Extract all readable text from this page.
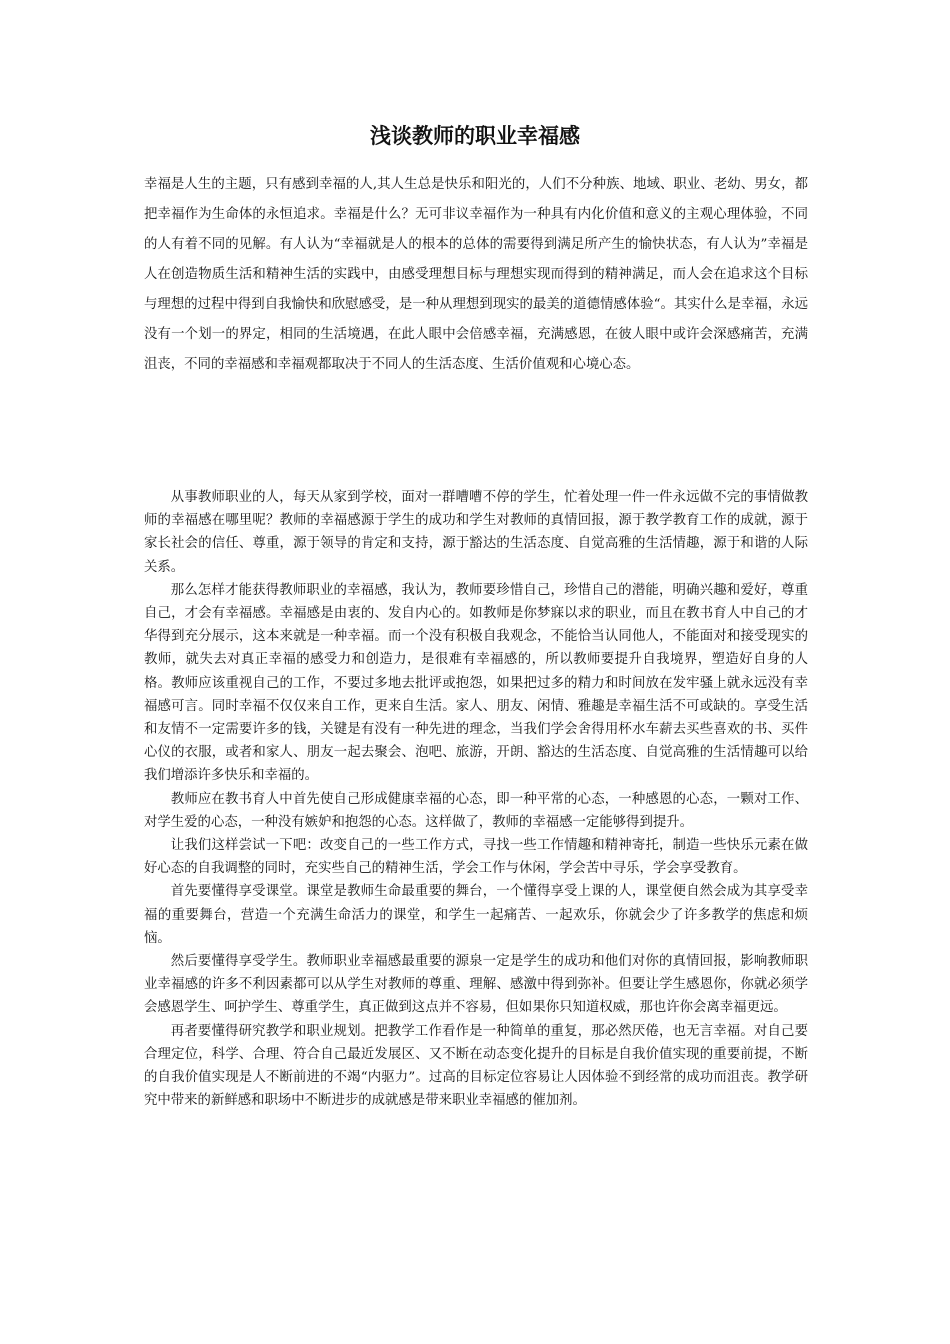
浅谈教师的职业幸福感

幸福是人生的主题，只有感到幸福的人,其人生总是快乐和阳光的，人们不分种族、地域、职业、老幼、男女，都把幸福作为生命体的永恒追求。幸福是什么？无可非议幸福作为一种具有内化价值和意义的主观心理体验，不同的人有着不同的见解。有人认为“幸福就是人的根本的总体的需要得到满足所产生的愉快状态，有人认为”幸福是人在创造物质生活和精神生活的实践中，由感受理想目标与理想实现而得到的精神满足，而人会在追求这个目标与理想的过程中得到自我愉快和欣慰感受，是一种从理想到现实的最美的道德情感体验“。其实什么是幸福，永远没有一个划一的界定，相同的生活境遇，在此人眼中会倍感幸福，充满感恩，在彼人眼中或许会深感痛苦，充满沮丧，不同的幸福感和幸福观都取决于不同人的生活态度、生活价值观和心境心态。

从事教师职业的人，每天从家到学校，面对一群嘈嘈不停的学生，忙着处理一件一件永远做不完的事情做教师的幸福感在哪里呢？教师的幸福感源于学生的成功和学生对教师的真情回报，源于教学教育工作的成就，源于家长社会的信任、尊重，源于领导的肯定和支持，源于豁达的生活态度、自觉高雅的生活情趣，源于和谐的人际关系。

那么怎样才能获得教师职业的幸福感，我认为，教师要珍惜自己，珍惜自己的潜能，明确兴趣和爱好，尊重自己，才会有幸福感。幸福感是由衷的、发自内心的。如教师是你梦寐以求的职业，而且在教书育人中自己的才华得到充分展示，这本来就是一种幸福。而一个没有积极自我观念，不能恰当认同他人，不能面对和接受现实的教师，就失去对真正幸福的感受力和创造力，是很难有幸福感的，所以教师要提升自我境界，塑造好自身的人格。教师应该重视自己的工作，不要过多地去批评或抱怨，如果把过多的精力和时间放在发牢骚上就永远没有幸福感可言。同时幸福不仅仅来自工作，更来自生活。家人、朋友、闲情、雅趣是幸福生活不可或缺的。享受生活和友情不一定需要许多的钱，关键是有没有一种先进的理念，当我们学会舍得用杯水车薪去买些喜欢的书、买件心仪的衣服，或者和家人、朋友一起去聚会、泡吧、旅游，开朗、豁达的生活态度、自觉高雅的生活情趣可以给我们增添许多快乐和幸福的。

教师应在教书育人中首先使自己形成健康幸福的心态，即一种平常的心态，一种感恩的心态，一颗对工作、对学生爱的心态，一种没有嫉妒和抱怨的心态。这样做了，教师的幸福感一定能够得到提升。

让我们这样尝试一下吧：改变自己的一些工作方式，寻找一些工作情趣和精神寄托，制造一些快乐元素在做好心态的自我调整的同时，充实些自己的精神生活，学会工作与休闲，学会苦中寻乐，学会享受教育。

首先要懂得享受课堂。课堂是教师生命最重要的舞台，一个懂得享受上课的人，课堂便自然会成为其享受幸福的重要舞台，营造一个充满生命活力的课堂，和学生一起痛苦、一起欢乐，你就会少了许多教学的焦虑和烦恼。

然后要懂得享受学生。教师职业幸福感最重要的源泉一定是学生的成功和他们对你的真情回报，影响教师职业幸福感的许多不利因素都可以从学生对教师的尊重、理解、感激中得到弥补。但要让学生感恩你，你就必须学会感恩学生、呵护学生、尊重学生，真正做到这点并不容易，但如果你只知道权威，那也许你会离幸福更远。

再者要懂得研究教学和职业规划。把教学工作看作是一种简单的重复，那必然厌倦，也无言幸福。对自己要合理定位，科学、合理、符合自己最近发展区、又不断在动态变化提升的目标是自我价值实现的重要前提，不断的自我价值实现是人不断前进的不竭“内驱力”。过高的目标定位容易让人因体验不到经常的成功而沮丧。教学研究中带来的新鲜感和职场中不断进步的成就感是带来职业幸福感的催加剂。
